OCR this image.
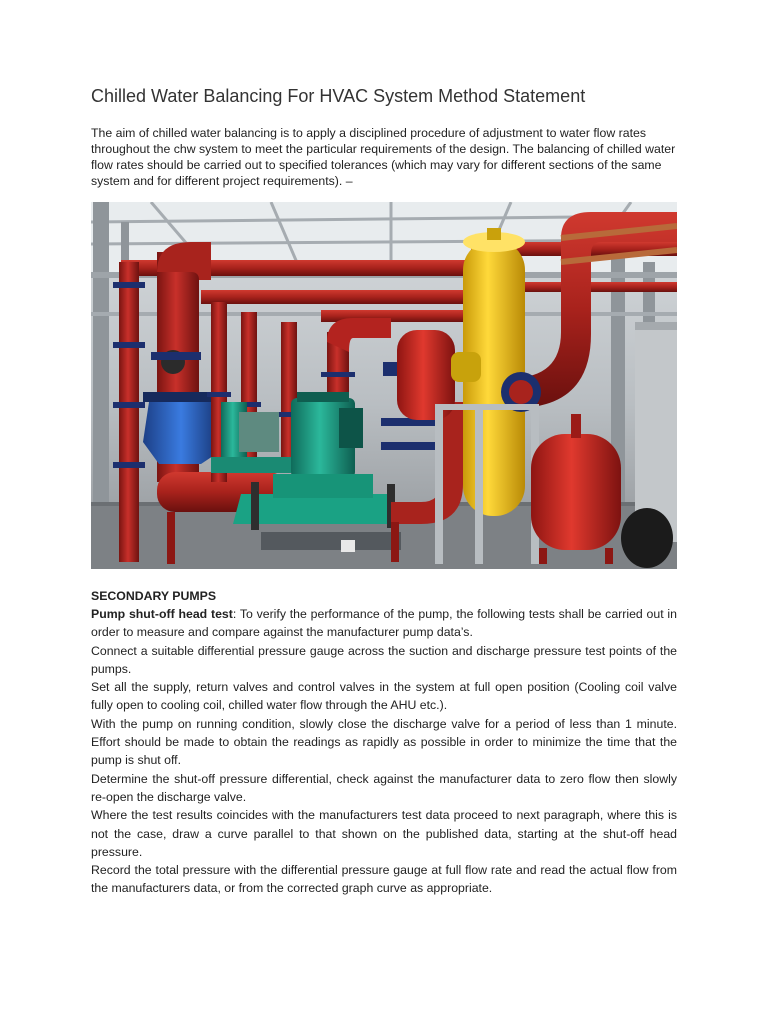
Chilled Water Balancing For HVAC System Method Statement

The aim of chilled water balancing is to apply a disciplined procedure of adjustment to water flow rates throughout the chw system to meet the particular requirements of the design. The balancing of chilled water flow rates should be carried out to specified tolerances (which may vary for different sections of the same system and for different project requirements). –

SECONDARY PUMPS

Pump shut-off head test: To verify the performance of the pump, the following tests shall be carried out in order to measure and compare against the manufacturer pump data’s.

Connect a suitable differential pressure gauge across the suction and discharge pressure test points of the pumps.

Set all the supply, return valves and control valves in the system at full open position (Cooling coil valve fully open to cooling coil, chilled water flow through the AHU etc.).

With the pump on running condition, slowly close the discharge valve for a period of less than 1 minute. Effort should be made to obtain the readings as rapidly as possible in order to minimize the time that the pump is shut off.

Determine the shut-off pressure differential, check against the manufacturer data to zero flow then slowly re-open the discharge valve.

Where the test results coincides with the manufacturers test data proceed to next paragraph, where this is not the case, draw a curve parallel to that shown on the published data, starting at the shut-off head pressure.

Record the total pressure with the differential pressure gauge at full flow rate and read the actual flow from the manufacturers data, or from the corrected graph curve as appropriate.
